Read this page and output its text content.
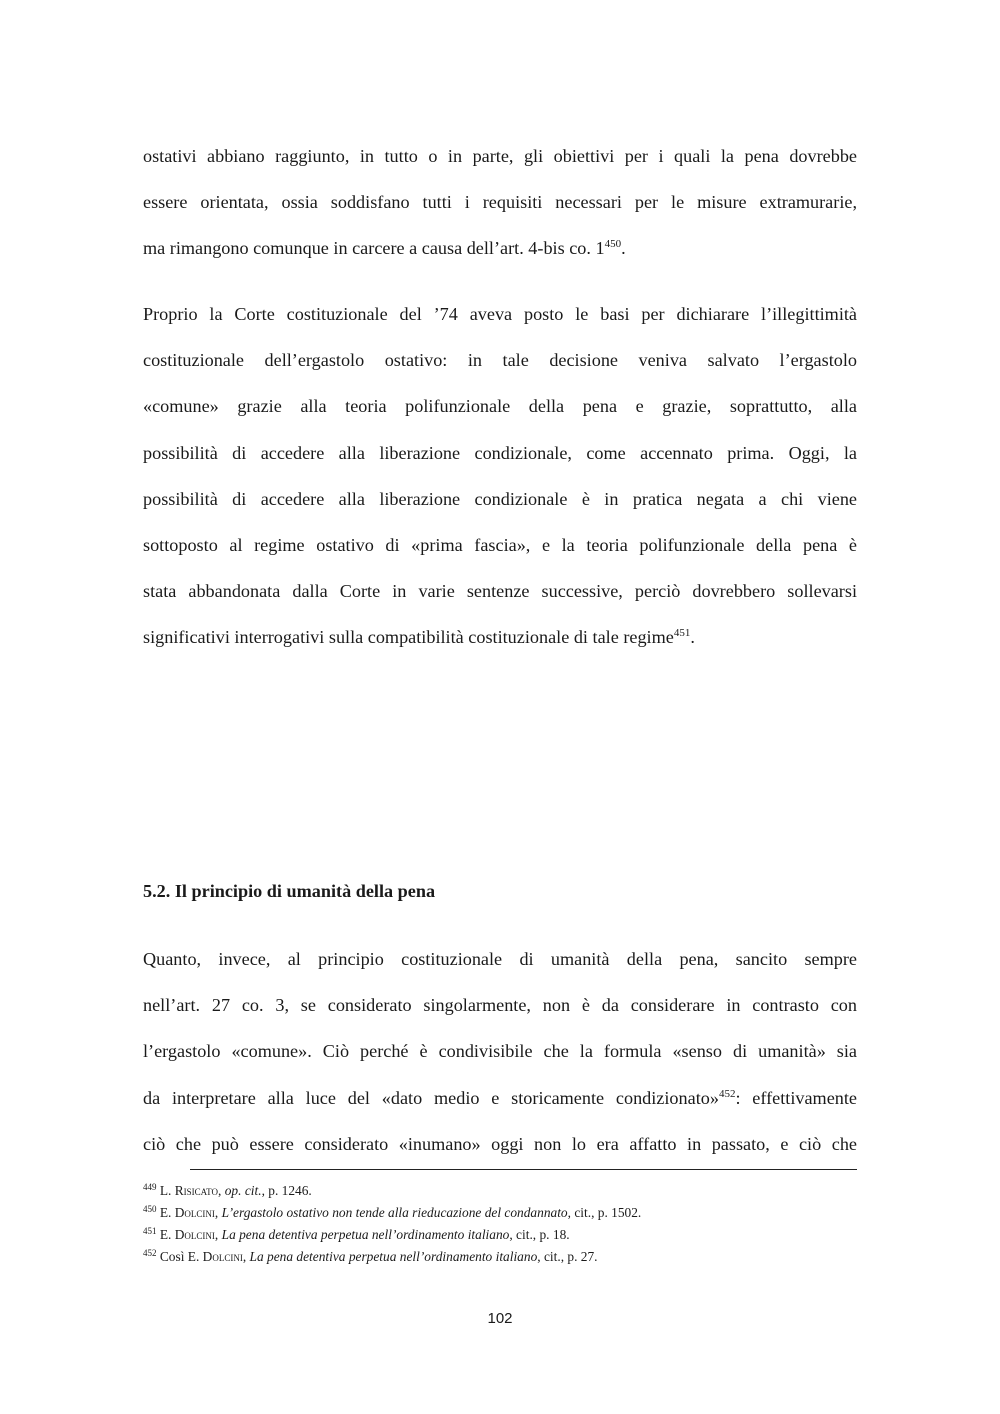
ostativi abbiano raggiunto, in tutto o in parte, gli obiettivi per i quali la pena dovrebbe
essere orientata, ossia soddisfano tutti i requisiti necessari per le misure extramurarie,
ma rimangono comunque in carcere a causa dell’art. 4-bis co. $1^{450}$.

Proprio la Corte costituzionale del ’74 aveva posto le basi per dichiarare l’illegittimità
costituzionale dell’ergastolo ostativo: in tale decisione veniva salvato l’ergastolo
«comune» grazie alla teoria polifunzionale della pena e grazie, soprattutto, alla
possibilità di accedere alla liberazione condizionale, come accennato prima. Oggi, la
possibilità di accedere alla liberazione condizionale è in pratica negata a chi viene
sottoposto al regime ostativo di «prima fascia», e la teoria polifunzionale della pena è
stata abbandonata dalla Corte in varie sentenze successive, perciò dovrebbero sollevarsi
significativi interrogativi sulla compatibilità costituzionale di tale regime$^{451}$.

5.2. Il principio di umanità della pena

Quanto, invece, al principio costituzionale di umanità della pena, sancito sempre
nell’art. 27 co. 3, se considerato singolarmente, non è da considerare in contrasto con
l’ergastolo «comune». Ciò perché è condivisibile che la formula «senso di umanità» sia
da interpretare alla luce del «dato medio e storicamente condizionato»$^{452}$: effettivamente
ciò che può essere considerato «inumano» oggi non lo era affatto in passato, e ciò che

$^{449}$ L. Risicato, op. cit., p. 1246.
$^{450}$ E. Dolcini, L’ergastolo ostativo non tende alla rieducazione del condannato, cit., p. 1502.
$^{451}$ E. Dolcini, La pena detentiva perpetua nell’ordinamento italiano, cit., p. 18.
$^{452}$ Così E. Dolcini, La pena detentiva perpetua nell’ordinamento italiano, cit., p. 27.
102
